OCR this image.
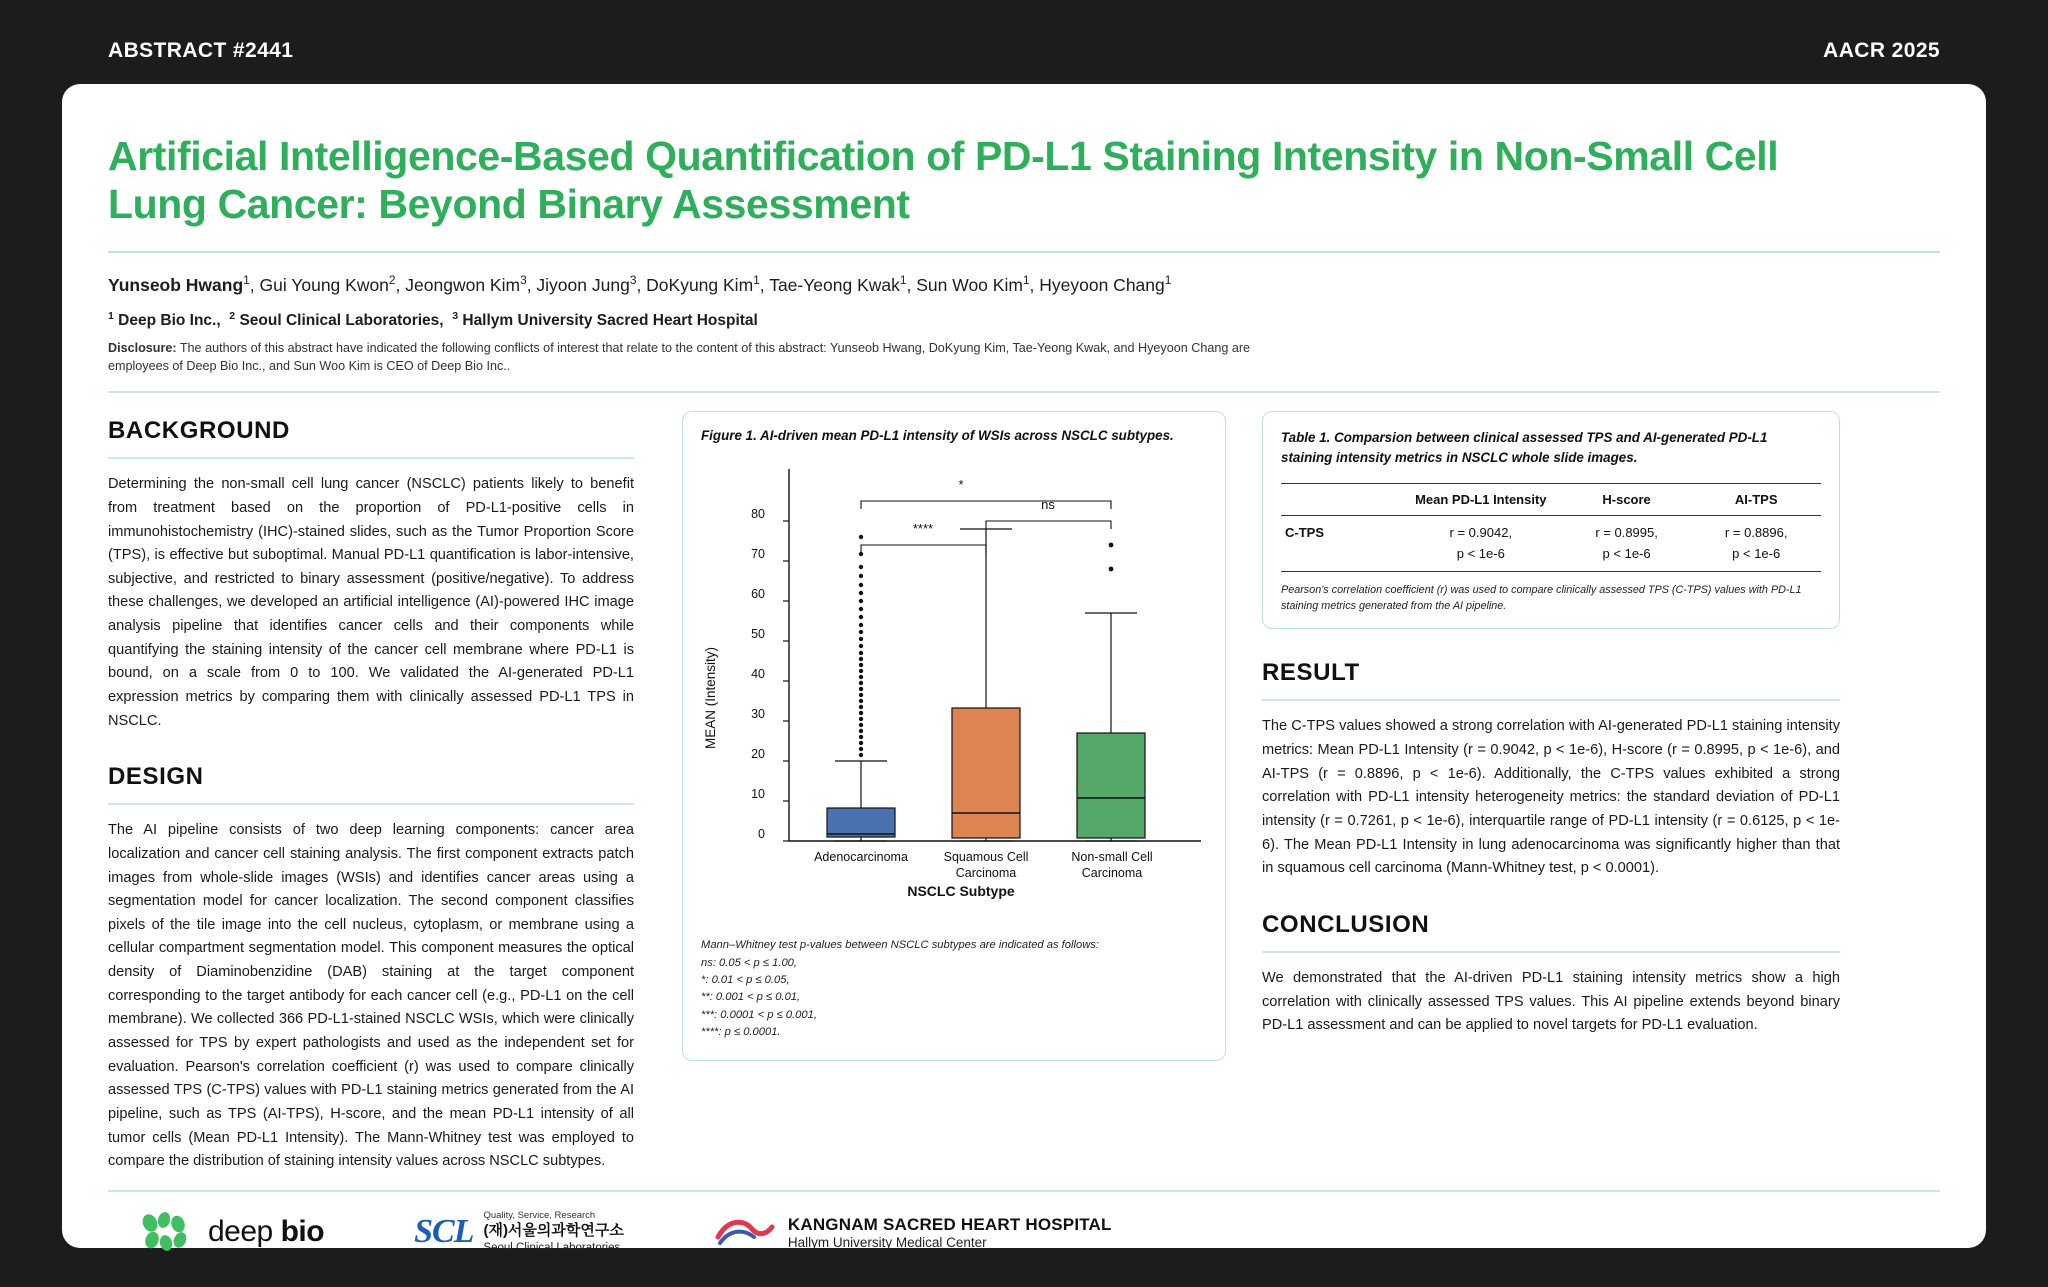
ABSTRACT #2441	AACR 2025
Artificial Intelligence-Based Quantification of PD-L1 Staining Intensity in Non-Small Cell Lung Cancer: Beyond Binary Assessment
Yunseob Hwang$^1$, Gui Young Kwon$^2$, Jeongwon Kim$^3$, Jiyoon Jung$^3$, DoKyung Kim$^1$, Tae-Yeong Kwak$^1$, Sun Woo Kim$^1$, Hyeyoon Chang$^1$
$^1$ Deep Bio Inc.,  $^2$ Seoul Clinical Laboratories,  $^3$ Hallym University Sacred Heart Hospital
Disclosure: The authors of this abstract have indicated the following conflicts of interest that relate to the content of this abstract: Yunseob Hwang, DoKyung Kim, Tae-Yeong Kwak, and Hyeyoon Chang are employees of Deep Bio Inc., and Sun Woo Kim is CEO of Deep Bio Inc..
BACKGROUND

Determining the non-small cell lung cancer (NSCLC) patients likely to benefit from treatment based on the proportion of PD-L1-positive cells in immunohistochemistry (IHC)-stained slides, such as the Tumor Proportion Score (TPS), is effective but suboptimal. Manual PD-L1 quantification is labor-intensive, subjective, and restricted to binary assessment (positive/negative). To address these challenges, we developed an artificial intelligence (AI)-powered IHC image analysis pipeline that identifies cancer cells and their components while quantifying the staining intensity of the cancer cell membrane where PD-L1 is bound, on a scale from 0 to 100. We validated the AI-generated PD-L1 expression metrics by comparing them with clinically assessed PD-L1 TPS in NSCLC.

DESIGN

The AI pipeline consists of two deep learning components: cancer area localization and cancer cell staining analysis. The first component extracts patch images from whole-slide images (WSIs) and identifies cancer areas using a segmentation model for cancer localization. The second component classifies pixels of the tile image into the cell nucleus, cytoplasm, or membrane using a cellular compartment segmentation model. This component measures the optical density of Diaminobenzidine (DAB) staining at the target component corresponding to the target antibody for each cancer cell (e.g., PD-L1 on the cell membrane). We collected 366 PD-L1-stained NSCLC WSIs, which were clinically assessed for TPS by expert pathologists and used as the independent set for evaluation. Pearson's correlation coefficient (r) was used to compare clinically assessed TPS (C-TPS) values with PD-L1 staining metrics generated from the AI pipeline, such as TPS (AI-TPS), H-score, and the mean PD-L1 intensity of all tumor cells (Mean PD-L1 Intensity). The Mann-Whitney test was employed to compare the distribution of staining intensity values across NSCLC subtypes.

Figure 1. AI-driven mean PD-L1 intensity of WSIs across NSCLC subtypes.
80
70
60
50
40
30
20
10
0
MEAN (Intensity)
Adenocarcinoma	Squamous Cell Carcinoma
Non-small Cell Carcinoma
*
ns
****
NSCLC Subtype
Mann–Whitney test p-values between NSCLC subtypes are indicated as follows:
ns: 0.05 < p ≤ 1.00,
*: 0.01 < p ≤ 0.05,
**: 0.001 < p ≤ 0.01,
***: 0.0001 < p ≤ 0.001,
****: p ≤ 0.0001.
Table 1. Comparsion between clinical assessed TPS and AI-generated PD-L1 staining intensity metrics in NSCLC whole slide images.
	Mean PD-L1 Intensity	H-score	AI-TPS
C-TPS	r = 0.9042,	r = 0.8995,	r = 0.8896,
	p < 1e-6	p < 1e-6	p < 1e-6
Pearson's correlation coefficient (r) was used to compare clinically assessed TPS (C-TPS) values with PD-L1 staining metrics generated from the AI pipeline.
RESULT

The C-TPS values showed a strong correlation with AI-generated PD-L1 staining intensity metrics: Mean PD-L1 Intensity (r = 0.9042, p < 1e-6), H-score (r = 0.8995, p < 1e-6), and AI-TPS (r = 0.8896, p < 1e-6). Additionally, the C-TPS values exhibited a strong correlation with PD-L1 intensity heterogeneity metrics: the standard deviation of PD-L1 intensity (r = 0.7261, p < 1e-6), interquartile range of PD-L1 intensity (r = 0.6125, p < 1e-6). The Mean PD-L1 Intensity in lung adenocarcinoma was significantly higher than that in squamous cell carcinoma (Mann-Whitney test, p < 0.0001).

CONCLUSION

We demonstrated that the AI-driven PD-L1 staining intensity metrics show a high correlation with clinically assessed TPS values. This AI pipeline extends beyond binary PD-L1 assessment and can be applied to novel targets for PD-L1 evaluation.

deep bio	SCL Quality, Service, Research
(재)서울의과학연구소
Seoul Clinical Laboratories
KANGNAM SACRED HEART HOSPITAL
Hallym University Medical Center
